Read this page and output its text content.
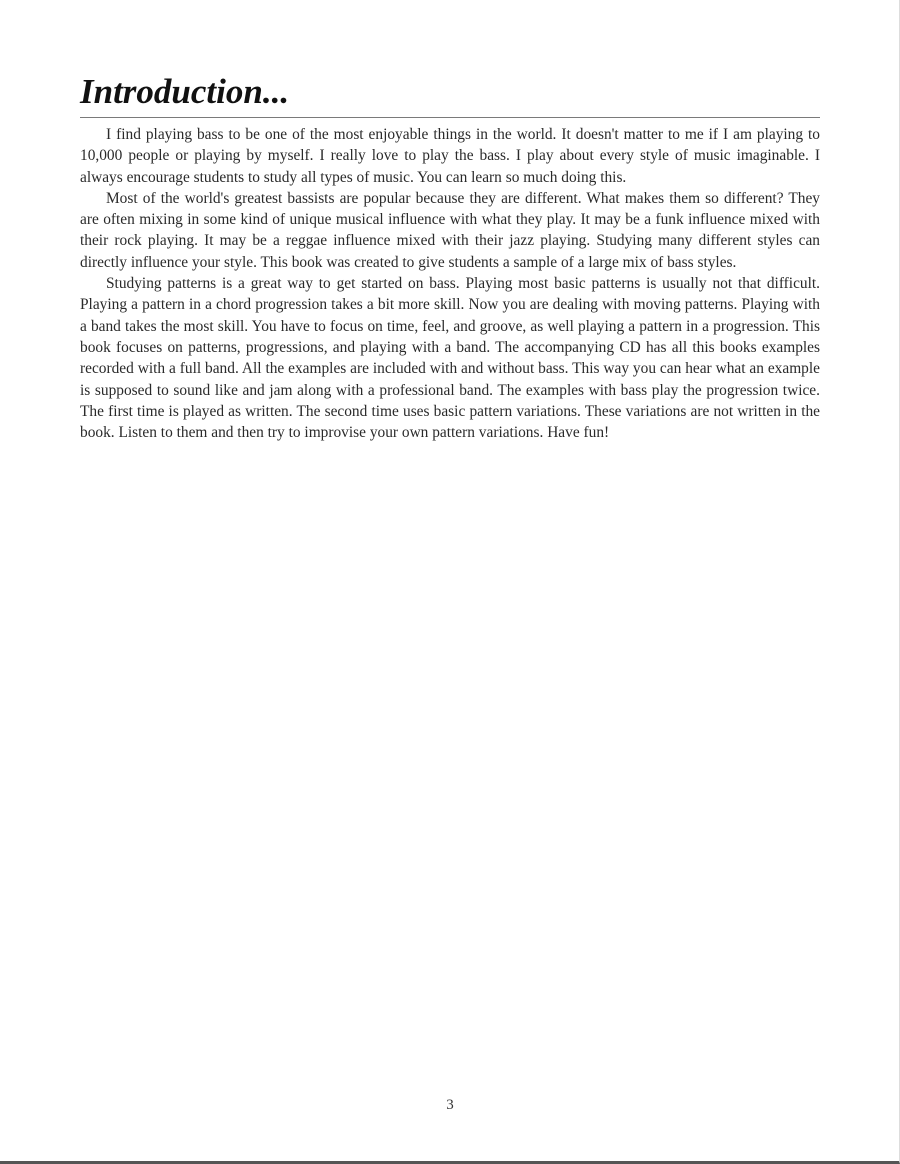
Introduction...

I find playing bass to be one of the most enjoyable things in the world. It doesn't matter to me if I am playing to 10,000 people or playing by myself. I really love to play the bass. I play about every style of music imaginable. I always encourage students to study all types of music. You can learn so much doing this.

Most of the world's greatest bassists are popular because they are different. What makes them so different? They are often mixing in some kind of unique musical influence with what they play. It may be a funk influence mixed with their rock playing. It may be a reggae influence mixed with their jazz playing. Studying many different styles can directly influence your style. This book was created to give students a sample of a large mix of bass styles.

Studying patterns is a great way to get started on bass. Playing most basic patterns is usually not that difficult. Playing a pattern in a chord progression takes a bit more skill. Now you are dealing with moving patterns. Playing with a band takes the most skill. You have to focus on time, feel, and groove, as well playing a pattern in a progression. This book focuses on patterns, progressions, and playing with a band. The accompanying CD has all this books examples recorded with a full band. All the examples are included with and without bass. This way you can hear what an example is supposed to sound like and jam along with a professional band. The examples with bass play the progression twice. The first time is played as written. The second time uses basic pattern variations. These variations are not written in the book. Listen to them and then try to improvise your own pattern variations. Have fun!

3
